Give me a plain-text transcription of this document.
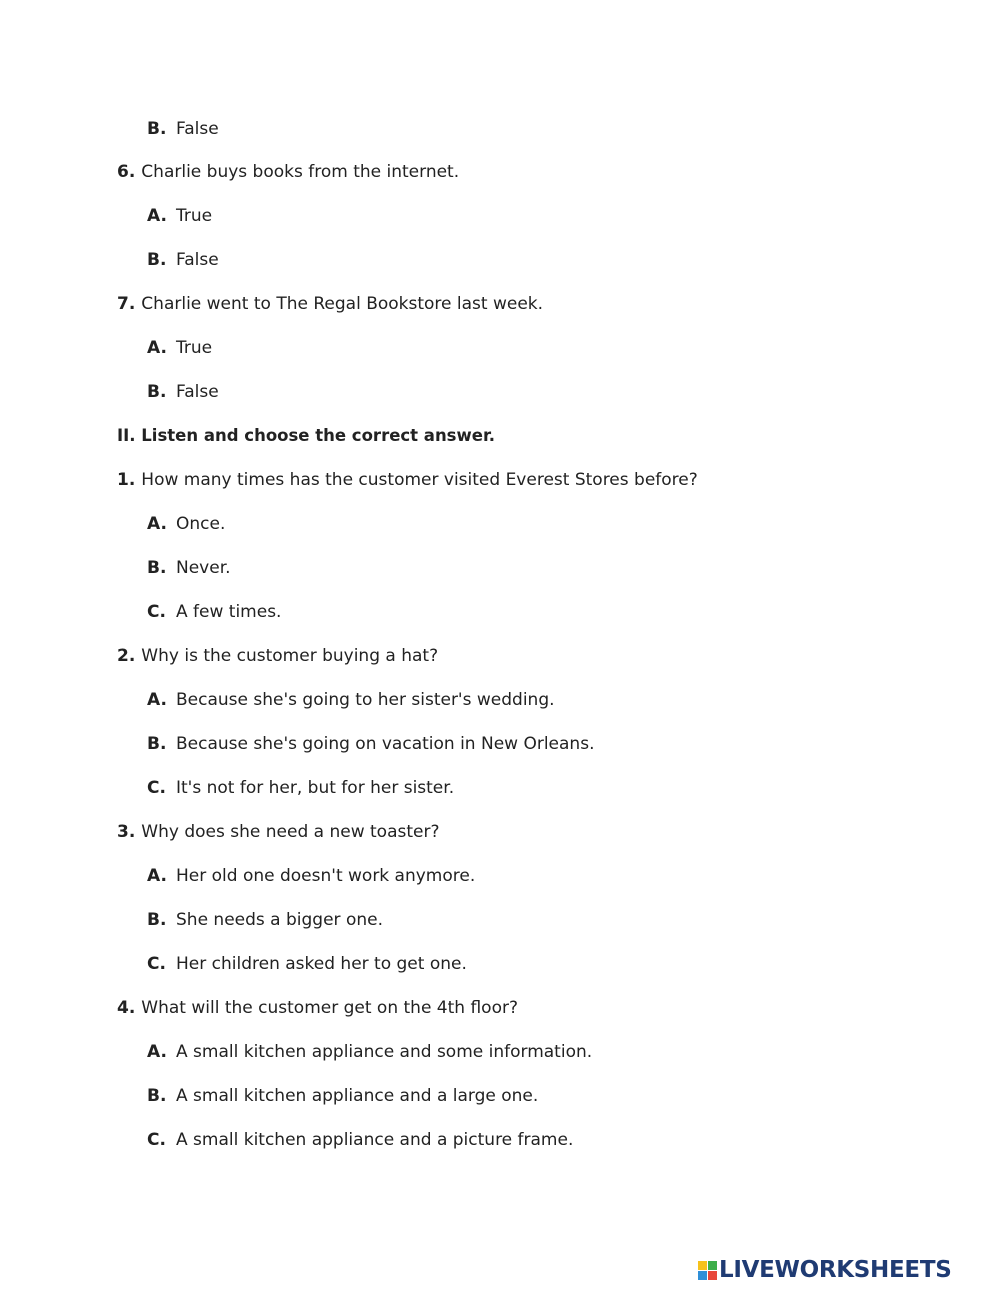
B. False
6. Charlie buys books from the internet.
A. True
B. False
7. Charlie went to The Regal Bookstore last week.
A. True
B. False
II. Listen and choose the correct answer.
1. How many times has the customer visited Everest Stores before?
A. Once.
B. Never.
C. A few times.
2. Why is the customer buying a hat?
A. Because she's going to her sister's wedding.
B. Because she's going on vacation in New Orleans.
C. It's not for her, but for her sister.
3. Why does she need a new toaster?
A. Her old one doesn't work anymore.
B. She needs a bigger one.
C. Her children asked her to get one.
4. What will the customer get on the 4th floor?
A. A small kitchen appliance and some information.
B. A small kitchen appliance and a large one.
C. A small kitchen appliance and a picture frame.
LIVEWORKSHEETS
